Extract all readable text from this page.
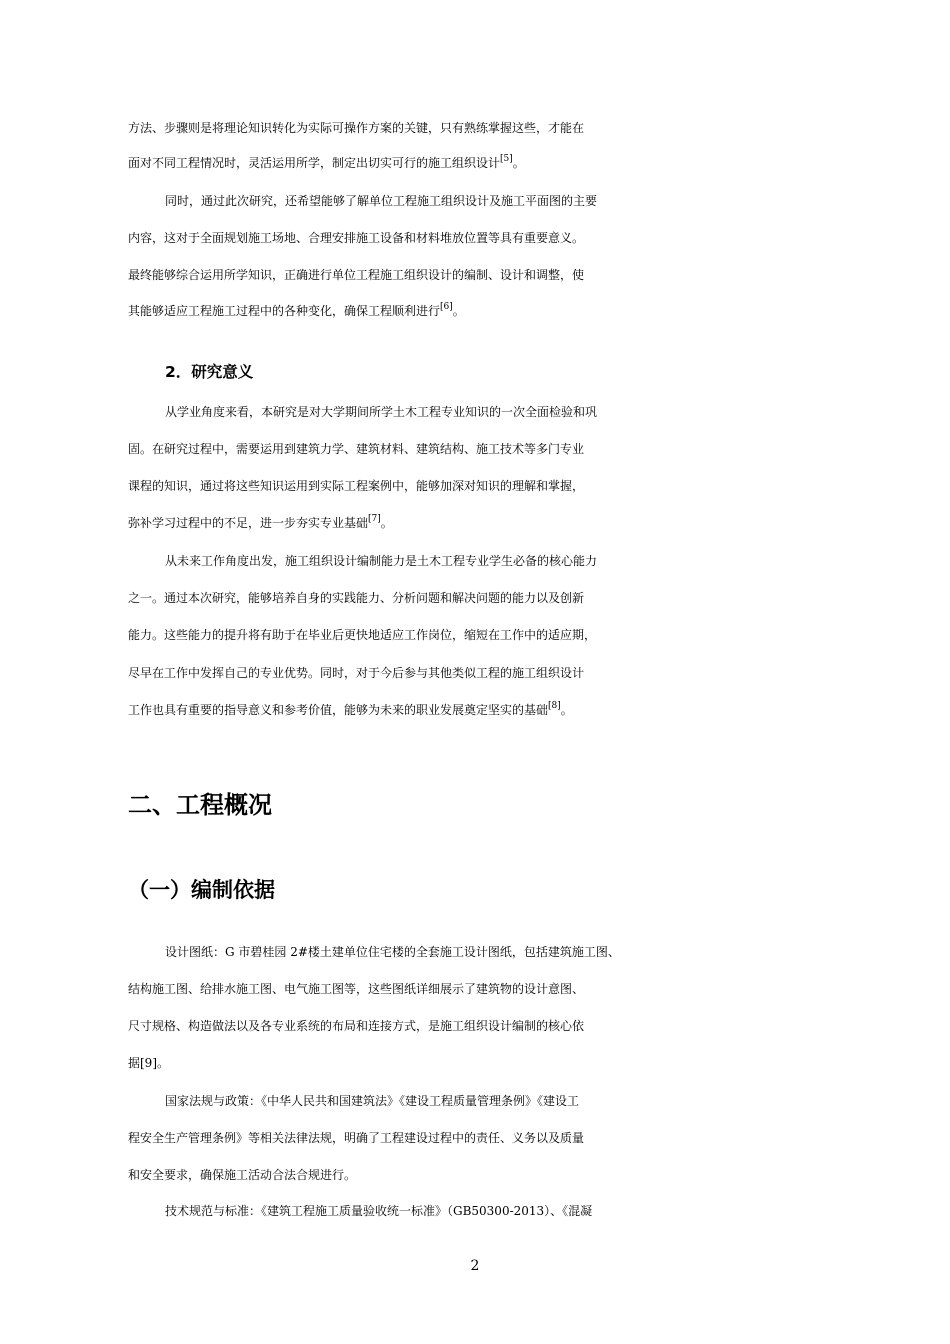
方法、步骤则是将理论知识转化为实际可操作方案的关键，只有熟练掌握这些，才能在
面对不同工程情况时，灵活运用所学，制定出切实可行的施工组织设计[5]。
同时，通过此次研究，还希望能够了解单位工程施工组织设计及施工平面图的主要
内容，这对于全面规划施工场地、合理安排施工设备和材料堆放位置等具有重要意义。
最终能够综合运用所学知识，正确进行单位工程施工组织设计的编制、设计和调整，使
其能够适应工程施工过程中的各种变化，确保工程顺利进行[6]。
2．研究意义
从学业角度来看，本研究是对大学期间所学土木工程专业知识的一次全面检验和巩
固。在研究过程中，需要运用到建筑力学、建筑材料、建筑结构、施工技术等多门专业
课程的知识，通过将这些知识运用到实际工程案例中，能够加深对知识的理解和掌握，
弥补学习过程中的不足，进一步夯实专业基础[7]。
从未来工作角度出发，施工组织设计编制能力是土木工程专业学生必备的核心能力
之一。通过本次研究，能够培养自身的实践能力、分析问题和解决问题的能力以及创新
能力。这些能力的提升将有助于在毕业后更快地适应工作岗位，缩短在工作中的适应期，
尽早在工作中发挥自己的专业优势。同时，对于今后参与其他类似工程的施工组织设计
工作也具有重要的指导意义和参考价值，能够为未来的职业发展奠定坚实的基础[8]。
二、工程概况
（一）编制依据
设计图纸：G 市碧桂园 2#楼土建单位住宅楼的全套施工设计图纸，包括建筑施工图、
结构施工图、给排水施工图、电气施工图等，这些图纸详细展示了建筑物的设计意图、
尺寸规格、构造做法以及各专业系统的布局和连接方式，是施工组织设计编制的核心依
据[9]。
国家法规与政策：《中华人民共和国建筑法》《建设工程质量管理条例》《建设工
程安全生产管理条例》等相关法律法规，明确了工程建设过程中的责任、义务以及质量
和安全要求，确保施工活动合法合规进行。
技术规范与标准：《建筑工程施工质量验收统一标准》（GB50300-2013）、《混凝
2
